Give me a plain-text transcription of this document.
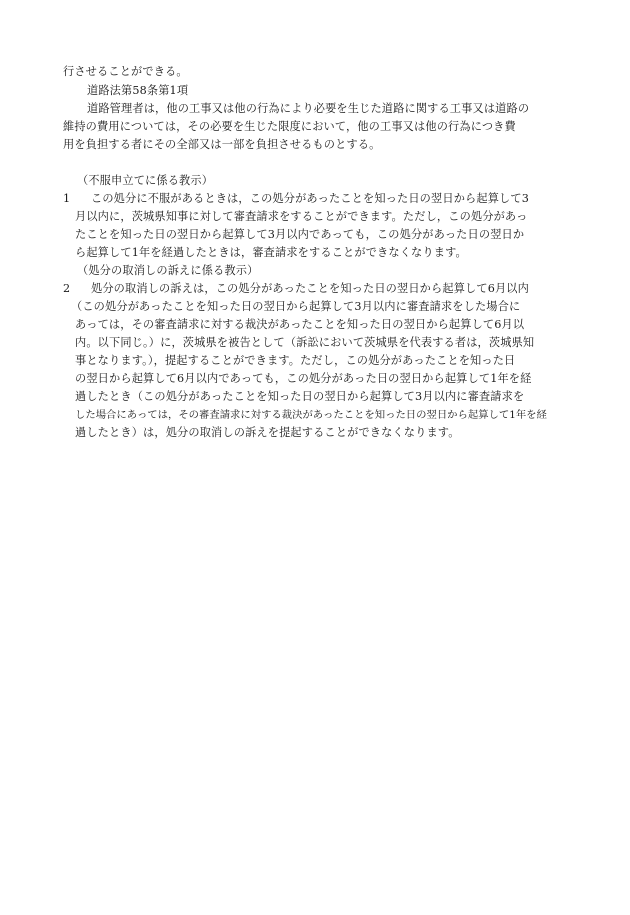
行させることができる。
道路法第58条第1項
道路管理者は，他の工事又は他の行為により必要を生じた道路に関する工事又は道路の
維持の費用については，その必要を生じた限度において，他の工事又は他の行為につき費
用を負担する者にその全部又は一部を負担させるものとする。
（不服申立てに係る教示）
1	この処分に不服があるときは，この処分があったことを知った日の翌日から起算して3
月以内に，茨城県知事に対して審査請求をすることができます。ただし，この処分があっ
たことを知った日の翌日から起算して3月以内であっても，この処分があった日の翌日か
ら起算して1年を経過したときは，審査請求をすることができなくなります。
（処分の取消しの訴えに係る教示）
2	処分の取消しの訴えは，この処分があったことを知った日の翌日から起算して6月以内
（この処分があったことを知った日の翌日から起算して3月以内に審査請求をした場合に
あっては，その審査請求に対する裁決があったことを知った日の翌日から起算して6月以
内。以下同じ。）に，茨城県を被告として（訴訟において茨城県を代表する者は，茨城県知
事となります。），提起することができます。ただし，この処分があったことを知った日
の翌日から起算して6月以内であっても，この処分があった日の翌日から起算して1年を経
過したとき（この処分があったことを知った日の翌日から起算して3月以内に審査請求を
した場合にあっては，その審査請求に対する裁決があったことを知った日の翌日から起算して1年を経
過したとき）は，処分の取消しの訴えを提起することができなくなります。
